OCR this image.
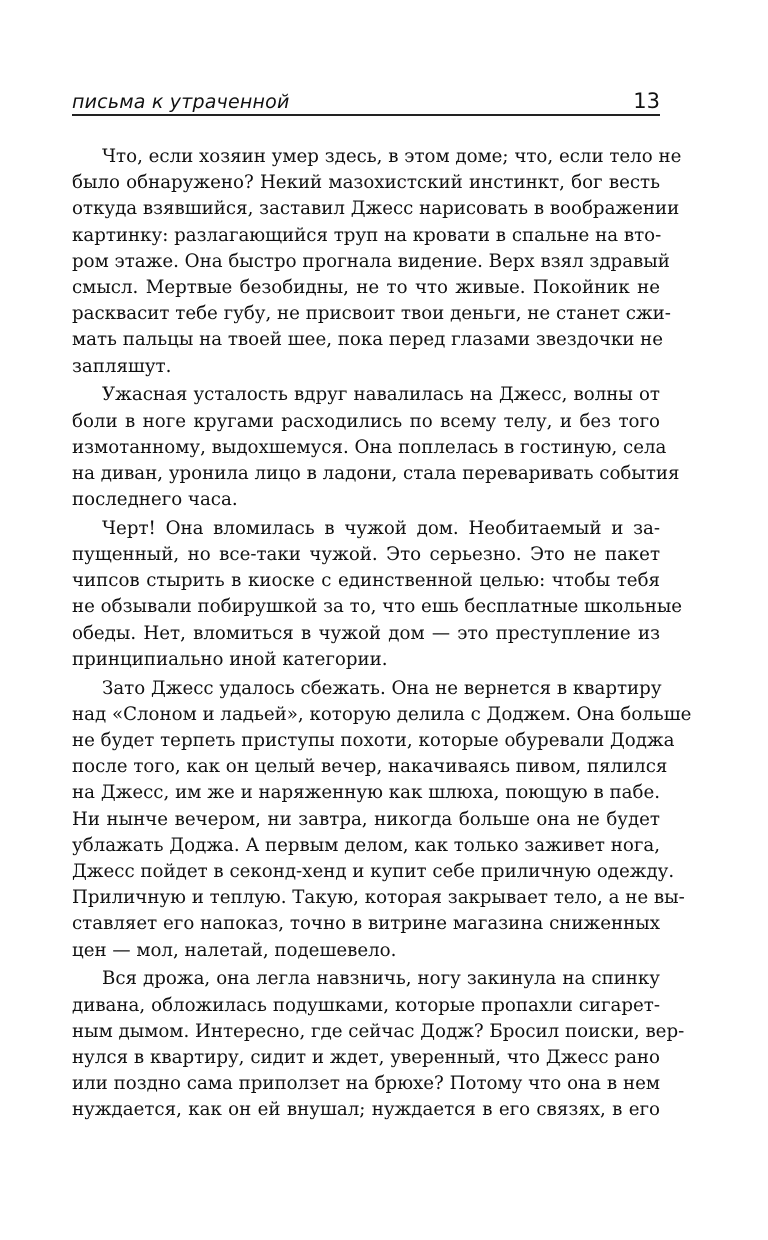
письма к утраченной	13
Что, если хозяин умер здесь, в этом доме; что, если тело не
было обнаружено? Некий мазохистский инстинкт, бог весть
откуда взявшийся, заставил Джесс нарисовать в воображении
картинку: разлагающийся труп на кровати в спальне на вто-
ром этаже. Она быстро прогнала видение. Верх взял здравый
смысл. Мертвые безобидны, не то что живые. Покойник не
расквасит тебе губу, не присвоит твои деньги, не станет сжи-
мать пальцы на твоей шее, пока перед глазами звездочки не
запляшут.
Ужасная усталость вдруг навалилась на Джесс, волны от
боли в ноге кругами расходились по всему телу, и без того
измотанному, выдохшемуся. Она поплелась в гостиную, села
на диван, уронила лицо в ладони, стала переваривать события
последнего часа.
Черт! Она вломилась в чужой дом. Необитаемый и за-
пущенный, но все-таки чужой. Это серьезно. Это не пакет
чипсов стырить в киоске с единственной целью: чтобы тебя
не обзывали побирушкой за то, что ешь бесплатные школьные
обеды. Нет, вломиться в чужой дом — это преступление из
принципиально иной категории.
Зато Джесс удалось сбежать. Она не вернется в квартиру
над «Слоном и ладьей», которую делила с Доджем. Она больше
не будет терпеть приступы похоти, которые обуревали Доджа
после того, как он целый вечер, накачиваясь пивом, пялился
на Джесс, им же и наряженную как шлюха, поющую в пабе.
Ни нынче вечером, ни завтра, никогда больше она не будет
ублажать Доджа. А первым делом, как только заживет нога,
Джесс пойдет в секонд-хенд и купит себе приличную одежду.
Приличную и теплую. Такую, которая закрывает тело, а не вы-
ставляет его напоказ, точно в витрине магазина сниженных
цен — мол, налетай, подешевело.
Вся дрожа, она легла навзничь, ногу закинула на спинку
дивана, обложилась подушками, которые пропахли сигарет-
ным дымом. Интересно, где сейчас Додж? Бросил поиски, вер-
нулся в квартиру, сидит и ждет, уверенный, что Джесс рано
или поздно сама приползет на брюхе? Потому что она в нем
нуждается, как он ей внушал; нуждается в его связях, в его
